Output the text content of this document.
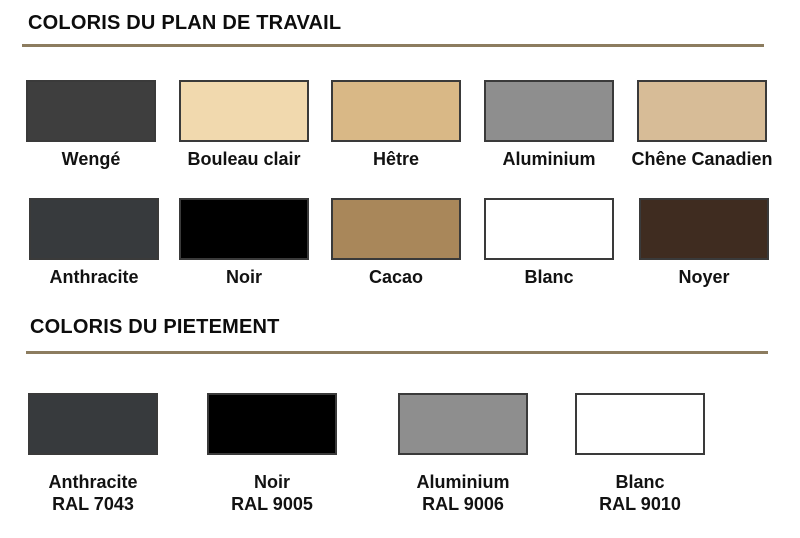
COLORIS DU PLAN DE TRAVAIL
Wengé	Bouleau clair	Hêtre	Aluminium	Chêne Canadien
Anthracite	Noir	Cacao	Blanc	Noyer
COLORIS DU PIETEMENT
Anthracite
RAL 7043
Noir
RAL 9005
Aluminium
RAL 9006
Blanc
RAL 9010
